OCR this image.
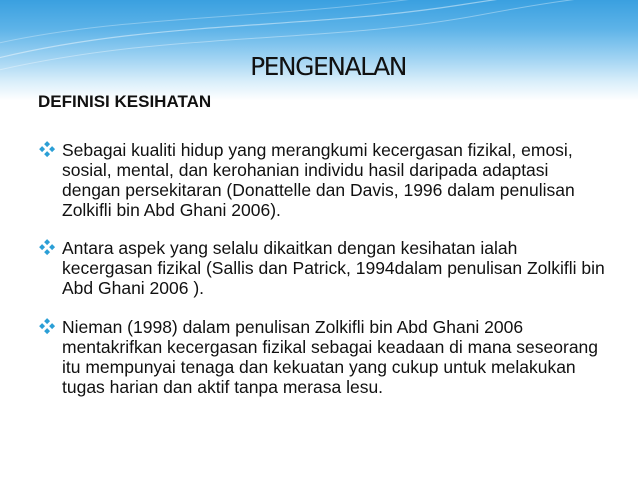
PENGENALAN
DEFINISI KESIHATAN
Sebagai kualiti hidup yang merangkumi kecergasan fizikal, emosi, sosial, mental, dan kerohanian individu hasil daripada adaptasi dengan persekitaran (Donattelle dan Davis, 1996 dalam penulisan Zolkifli bin Abd Ghani 2006).
Antara aspek yang selalu dikaitkan dengan kesihatan ialah kecergasan fizikal (Sallis dan Patrick, 1994dalam penulisan Zolkifli bin Abd Ghani 2006 ).
Nieman (1998) dalam penulisan Zolkifli bin Abd Ghani 2006 mentakrifkan kecergasan fizikal sebagai keadaan di mana seseorang itu mempunyai tenaga dan kekuatan yang cukup untuk melakukan tugas harian dan aktif tanpa merasa lesu.
